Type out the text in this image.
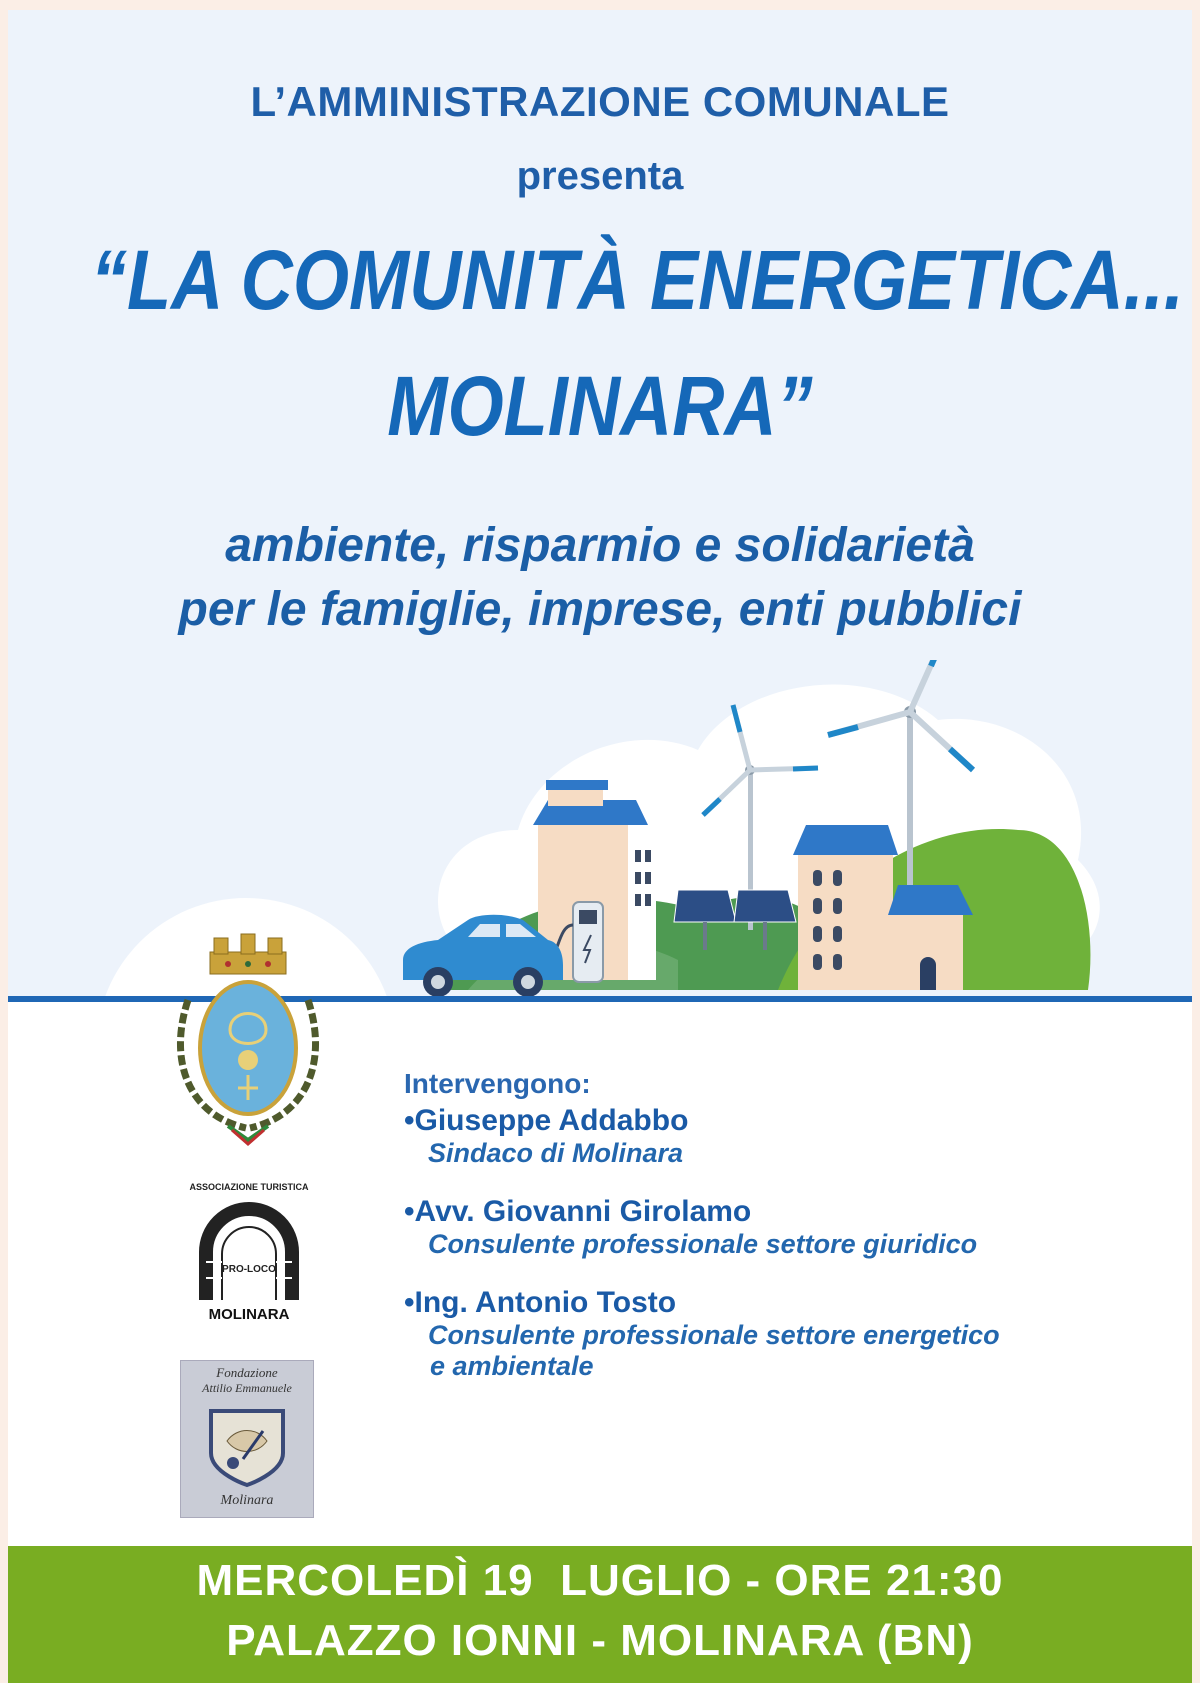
L’AMMINISTRAZIONE COMUNALE
presenta
“LA COMUNITÀ ENERGETICA...
MOLINARA”
ambiente, risparmio e solidarietà
per le famiglie, imprese, enti pubblici
ASSOCIAZIONE TURISTICA
PRO-LOCO
MOLINARA
Fondazione
Attilio Emmanuele
Molinara
Intervengono:
• Giuseppe Addabbo
Sindaco di Molinara
• Avv. Giovanni Girolamo
Consulente professionale settore giuridico
• Ing. Antonio Tosto
Consulente professionale settore energetico
e ambientale
MERCOLEDÌ 19  LUGLIO - ORE 21:30
PALAZZO IONNI - MOLINARA (BN)
